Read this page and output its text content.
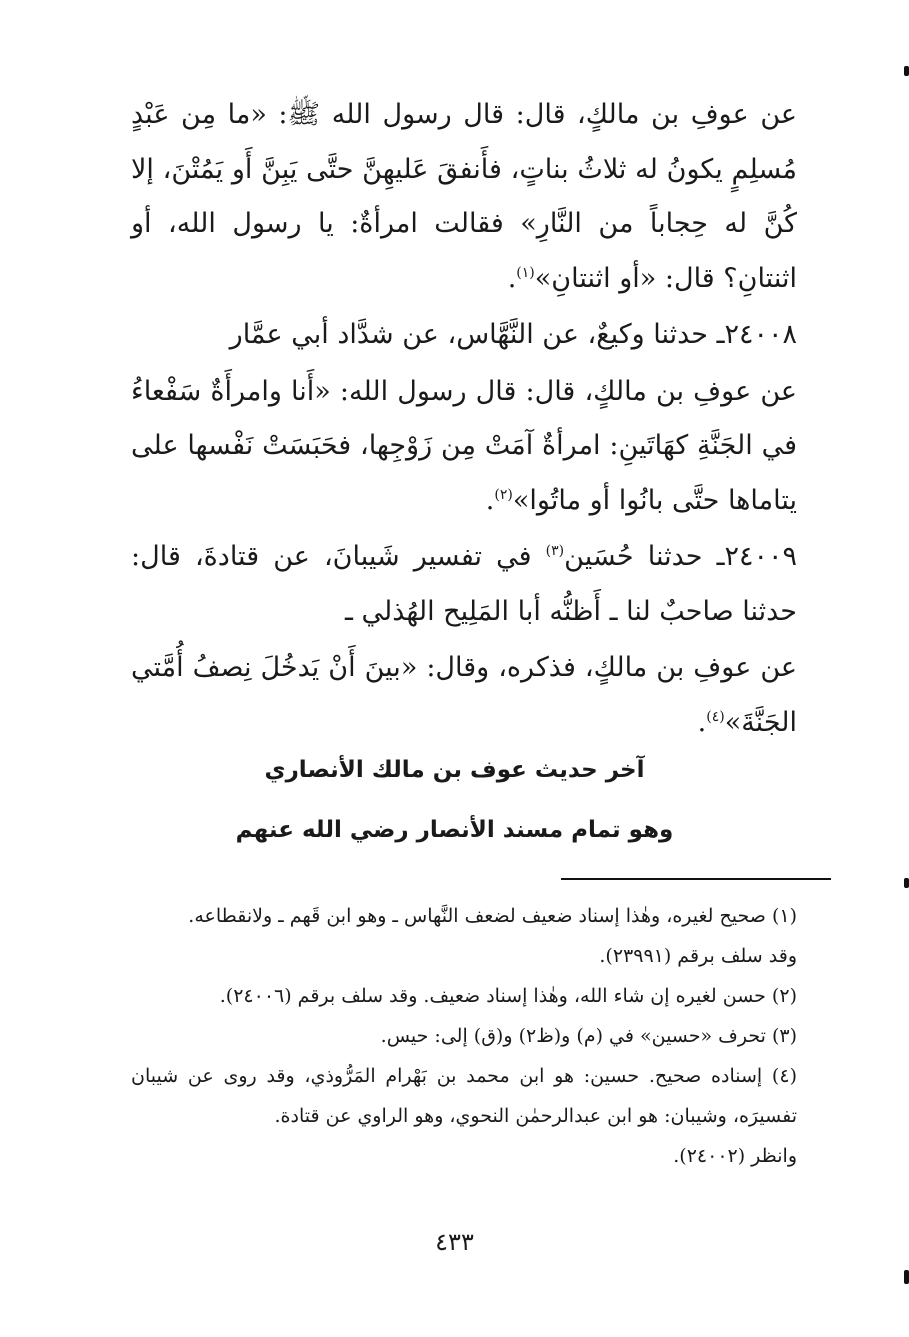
عن عوفِ بن مالكٍ، قال: قال رسول الله ﷺ: «ما مِن عَبْدٍ مُسلِمٍ يكونُ له ثلاثُ بناتٍ، فأَنفقَ عَليهِنَّ حتَّى يَبِنَّ أَو يَمُتْنَ، إلا كُنَّ له حِجاباً من النَّارِ» فقالت امرأةٌ: يا رسول الله، أو اثنتانِ؟ قال: «أو اثنتانِ»$^{(١)}$.

٢٤٠٠٨ـ حدثنا وكيعٌ، عن النَّهَّاس، عن شدَّاد أبي عمَّار

عن عوفِ بن مالكٍ، قال: قال رسول الله: «أَنا وامرأَةٌ سَفْعاءُ في الجَنَّةِ كهَاتَينِ: امرأةٌ آمَتْ مِن زَوْجِها، فحَبَسَتْ نَفْسها على يتاماها حتَّى بانُوا أو ماتُوا»$^{(٢)}$.

٢٤٠٠٩ـ حدثنا حُسَين$^{(٣)}$ في تفسير شَيبانَ، عن قتادةَ، قال: حدثنا صاحبٌ لنا ـ أَظنُّه أبا المَلِيح الهُذلي ـ

عن عوفِ بن مالكٍ، فذكره، وقال: «بينَ أَنْ يَدخُلَ نِصفُ أُمَّتي الجَنَّةَ»$^{(٤)}$.

آخر حديث عوف بن مالك الأنصاري
وهو تمام مسند الأنصار رضي الله عنهم

(١) صحيح لغيره، وهٰذا إسناد ضعيف لضعف النَّهاس ـ وهو ابن قَهم ـ ولانقطاعه.

وقد سلف برقم (٢٣٩٩١).

(٢) حسن لغيره إن شاء الله، وهٰذا إسناد ضعيف. وقد سلف برقم (٢٤٠٠٦).

(٣) تحرف «حسين» في (م) و(ظ٢) و(ق) إلى: حيس.

(٤) إسناده صحيح. حسين: هو ابن محمد بن بَهْرام المَرُّوذي، وقد روى عن شيبان تفسيرَه، وشيبان: هو ابن عبدالرحمٰن النحوي، وهو الراوي عن قتادة.

وانظر (٢٤٠٠٢).

٤٣٣
